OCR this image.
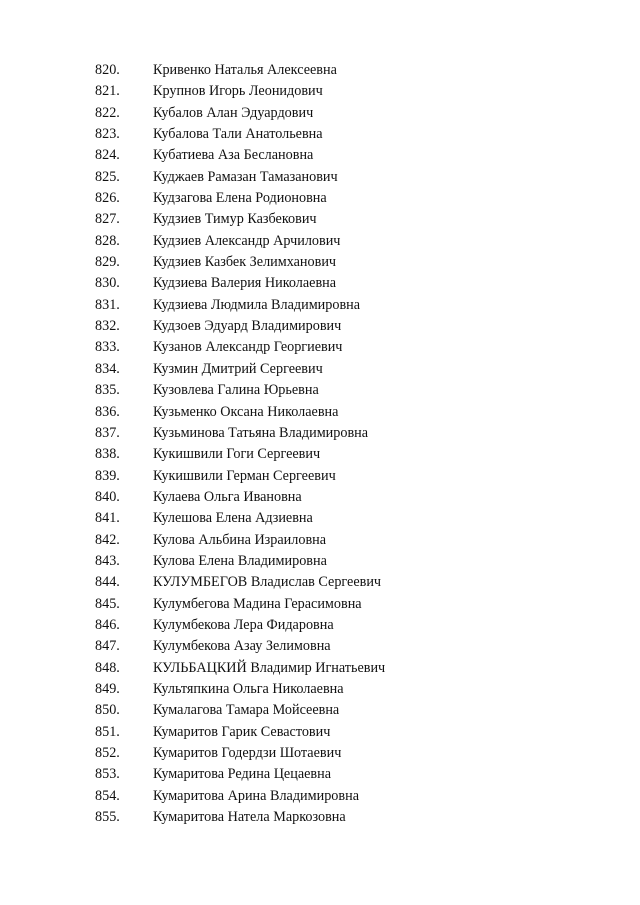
820. Кривенко Наталья Алексеевна
821. Крупнов Игорь Леонидович
822. Кубалов Алан Эдуардович
823. Кубалова Тали Анатольевна
824. Кубатиева Аза Беслановна
825. Куджаев Рамазан Тамазанович
826. Кудзагова Елена Родионовна
827. Кудзиев Тимур Казбекович
828. Кудзиев Александр Арчилович
829. Кудзиев Казбек Зелимханович
830. Кудзиева Валерия Николаевна
831. Кудзиева Людмила Владимировна
832. Кудзоев Эдуард Владимирович
833. Кузанов Александр Георгиевич
834. Кузмин Дмитрий Сергеевич
835. Кузовлева Галина Юрьевна
836. Кузьменко Оксана Николаевна
837. Кузьминова Татьяна Владимировна
838. Кукишвили Гоги Сергеевич
839. Кукишвили Герман Сергеевич
840. Кулаева Ольга Ивановна
841. Кулешова Елена Адзиевна
842. Кулова Альбина Израиловна
843. Кулова Елена Владимировна
844. КУЛУМБЕГОВ Владислав Сергеевич
845. Кулумбегова Мадина Герасимовна
846. Кулумбекова Лера Фидаровна
847. Кулумбекова Азау Зелимовна
848. КУЛЬБАЦКИЙ Владимир Игнатьевич
849. Культяпкина Ольга Николаевна
850. Кумалагова Тамара Мойсеевна
851. Кумаритов Гарик Севастович
852. Кумаритов Годердзи Шотаевич
853. Кумаритова Редина Цецаевна
854. Кумаритова Арина Владимировна
855. Кумаритова Натела Маркозовна
